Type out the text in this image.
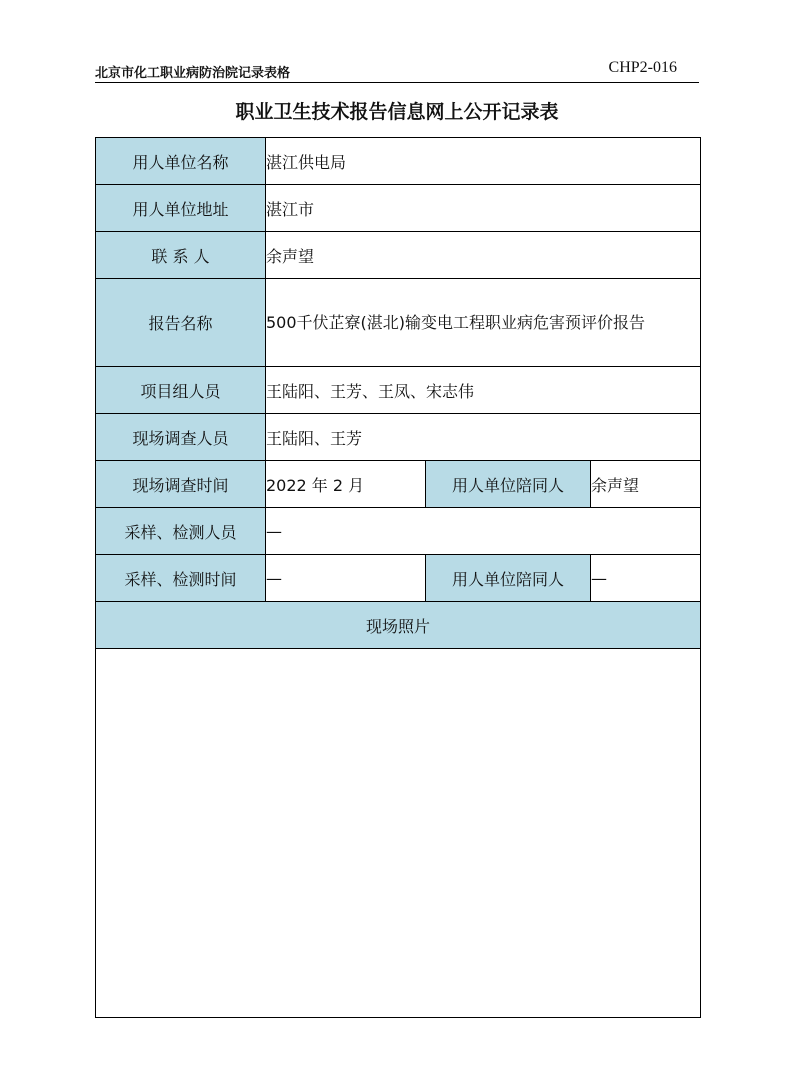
北京市化工职业病防治院记录表格	CHP2-016
职业卫生技术报告信息网上公开记录表
用人单位名称	湛江供电局		
用人单位地址	湛江市		
联 系 人	余声望		
报告名称	500千伏芷寮(湛北)输变电工程职业病危害预评价报告		
项目组人员	王陆阳、王芳、王凤、宋志伟		
现场调查人员	王陆阳、王芳		
现场调查时间	2022 年 2 月	用人单位陪同人	余声望
采样、检测人员	—		
采样、检测时间	—	用人单位陪同人	—
现场照片			
